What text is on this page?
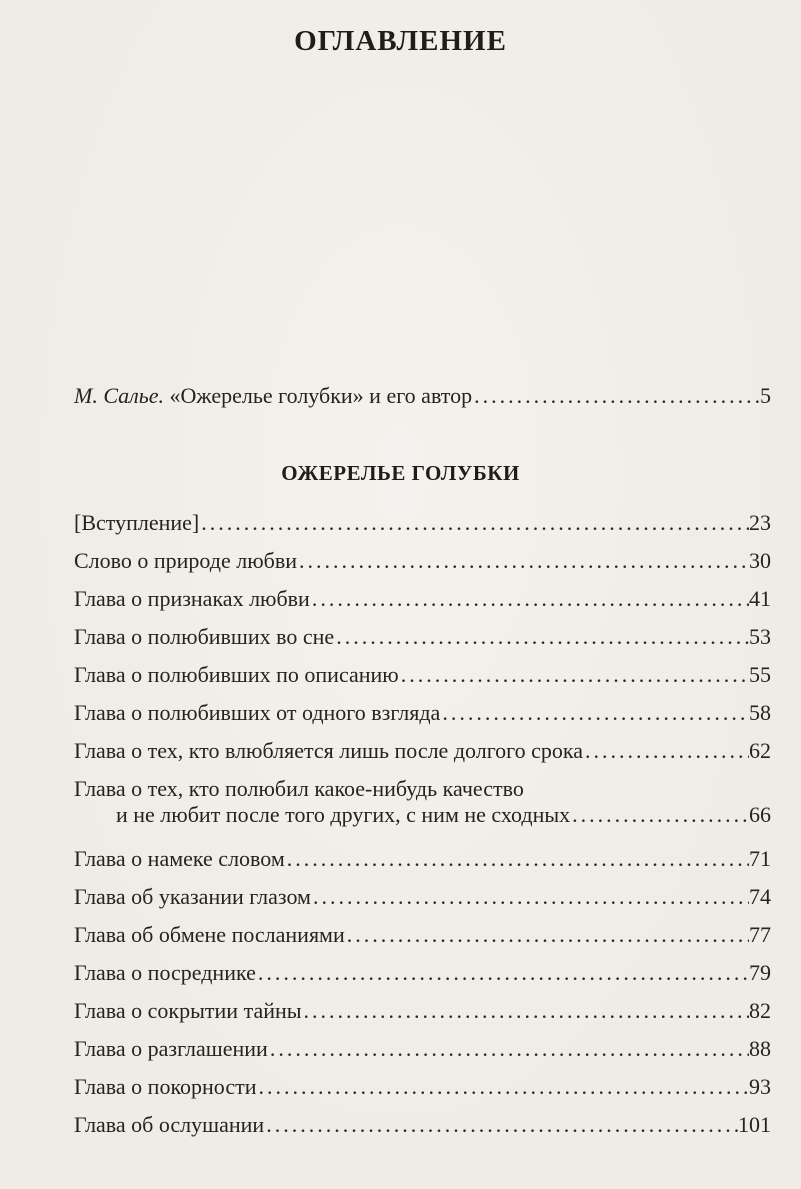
ОГЛАВЛЕНИЕ
М. Салье. «Ожерелье голубки» и его автор .....	5
ОЖЕРЕЛЬЕ ГОЛУБКИ
[Вступление] .....	23
Слово о природе любви .....	30
Глава о признаках любви .....	41
Глава о полюбивших во сне .....	53
Глава о полюбивших по описанию .....	55
Глава о полюбивших от одного взгляда .....	58
Глава о тех, кто влюбляется лишь после долгого срока .....	62
Глава о тех, кто полюбил какое-нибудь качество
и не любит после того других, с ним не сходных .....	66
Глава о намеке словом .....	71
Глава об указании глазом .....	74
Глава об обмене посланиями .....	77
Глава о посреднике .....	79
Глава о сокрытии тайны .....	82
Глава о разглашении .....	88
Глава о покорности .....	93
Глава об ослушании .....	101
